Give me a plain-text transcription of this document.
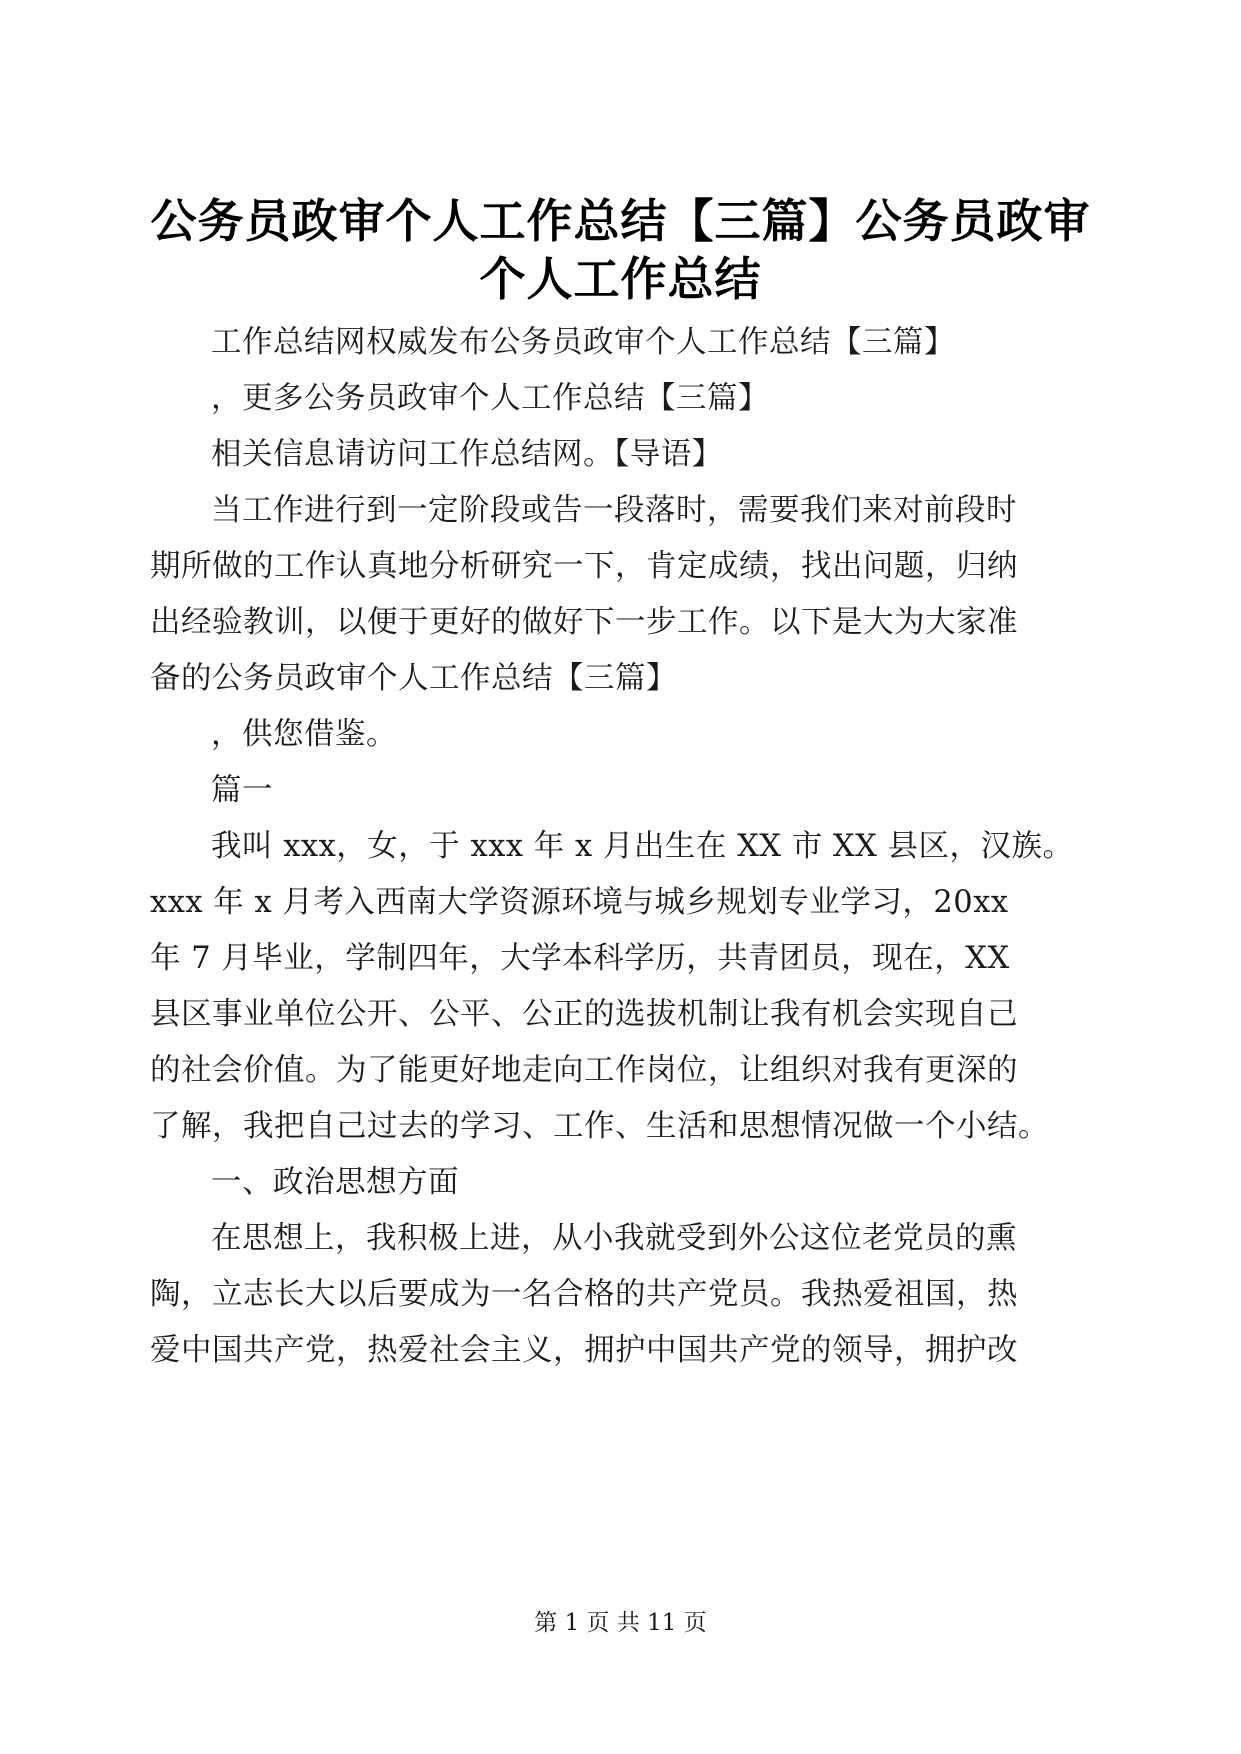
公务员政审个人工作总结【三篇】公务员政审
个人工作总结
工作总结网权威发布公务员政审个人工作总结【三篇】
，更多公务员政审个人工作总结【三篇】
相关信息请访问工作总结网。【导语】
当工作进行到一定阶段或告一段落时，需要我们来对前段时
期所做的工作认真地分析研究一下，肯定成绩，找出问题，归纳
出经验教训，以便于更好的做好下一步工作。以下是大为大家准
备的公务员政审个人工作总结【三篇】
，供您借鉴。
篇一
我叫 xxx，女，于 xxx 年 x 月出生在 XX 市 XX 县区，汉族。
xxx 年 x 月考入西南大学资源环境与城乡规划专业学习，20xx
年 7 月毕业，学制四年，大学本科学历，共青团员，现在，XX
县区事业单位公开、公平、公正的选拔机制让我有机会实现自己
的社会价值。为了能更好地走向工作岗位，让组织对我有更深的
了解，我把自己过去的学习、工作、生活和思想情况做一个小结。
一、政治思想方面
在思想上，我积极上进，从小我就受到外公这位老党员的熏
陶，立志长大以后要成为一名合格的共产党员。我热爱祖国，热
爱中国共产党，热爱社会主义，拥护中国共产党的领导，拥护改
第 1 页 共 11 页
